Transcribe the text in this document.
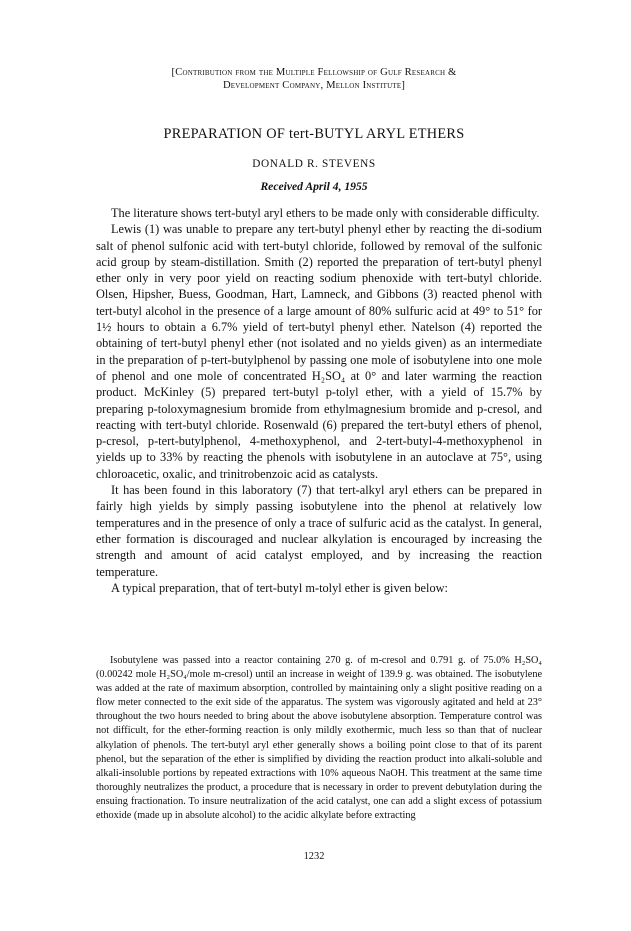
[Contribution from the Multiple Fellowship of Gulf Research &
Development Company, Mellon Institute]
PREPARATION OF tert-BUTYL ARYL ETHERS
DONALD R. STEVENS
Received April 4, 1955

The literature shows tert-butyl aryl ethers to be made only with considerable difficulty.

Lewis (1) was unable to prepare any tert-butyl phenyl ether by reacting the di-sodium salt of phenol sulfonic acid with tert-butyl chloride, followed by removal of the sulfonic acid group by steam-distillation. Smith (2) reported the preparation of tert-butyl phenyl ether only in very poor yield on reacting sodium phenoxide with tert-butyl chloride. Olsen, Hipsher, Buess, Goodman, Hart, Lamneck, and Gibbons (3) reacted phenol with tert-butyl alcohol in the presence of a large amount of 80% sulfuric acid at 49° to 51° for 1½ hours to obtain a 6.7% yield of tert-butyl phenyl ether. Natelson (4) reported the obtaining of tert-butyl phenyl ether (not isolated and no yields given) as an intermediate in the preparation of p-tert-butylphenol by passing one mole of isobutylene into one mole of phenol and one mole of concentrated H₂SO₄ at 0° and later warming the reaction product. McKinley (5) prepared tert-butyl p-tolyl ether, with a yield of 15.7% by preparing p-toloxymagnesium bromide from ethylmagnesium bromide and p-cresol, and reacting with tert-butyl chloride. Rosenwald (6) prepared the tert-butyl ethers of phenol, p-cresol, p-tert-butylphenol, 4-methoxyphenol, and 2-tert-butyl-4-methoxyphenol in yields up to 33% by reacting the phenols with isobutylene in an autoclave at 75°, using chloroacetic, oxalic, and trinitrobenzoic acid as catalysts.

It has been found in this laboratory (7) that tert-alkyl aryl ethers can be prepared in fairly high yields by simply passing isobutylene into the phenol at relatively low temperatures and in the presence of only a trace of sulfuric acid as the catalyst. In general, ether formation is discouraged and nuclear alkylation is encouraged by increasing the strength and amount of acid catalyst employed, and by increasing the reaction temperature.

A typical preparation, that of tert-butyl m-tolyl ether is given below:

Isobutylene was passed into a reactor containing 270 g. of m-cresol and 0.791 g. of 75.0% H₂SO₄ (0.00242 mole H₂SO₄/mole m-cresol) until an increase in weight of 139.9 g. was obtained. The isobutylene was added at the rate of maximum absorption, controlled by maintaining only a slight positive reading on a flow meter connected to the exit side of the apparatus. The system was vigorously agitated and held at 23° throughout the two hours needed to bring about the above isobutylene absorption. Temperature control was not difficult, for the ether-forming reaction is only mildly exothermic, much less so than that of nuclear alkylation of phenols. The tert-butyl aryl ether generally shows a boiling point close to that of its parent phenol, but the separation of the ether is simplified by dividing the reaction product into alkali-soluble and alkali-insoluble portions by repeated extractions with 10% aqueous NaOH. This treatment at the same time thoroughly neutralizes the product, a procedure that is necessary in order to prevent debutylation during the ensuing fractionation. To insure neutralization of the acid catalyst, one can add a slight excess of potassium ethoxide (made up in absolute alcohol) to the acidic alkylate before extracting

1232
